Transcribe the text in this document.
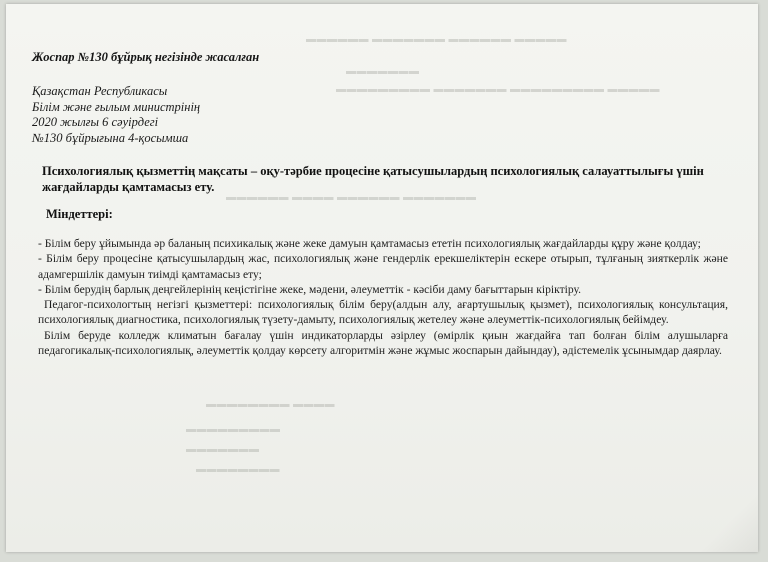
▬▬▬▬▬▬ ▬▬▬▬▬▬▬ ▬▬▬▬▬▬ ▬▬▬▬▬
▬▬▬▬▬▬▬
▬▬▬▬▬▬▬▬▬ ▬▬▬▬▬▬▬ ▬▬▬▬▬▬▬▬▬ ▬▬▬▬▬
▬▬▬▬▬▬ ▬▬▬▬ ▬▬▬▬▬▬ ▬▬▬▬▬▬▬
▬▬▬▬▬▬▬▬ ▬▬▬▬
▬▬▬▬▬▬▬▬▬
▬▬▬▬▬▬▬
▬▬▬▬▬▬▬▬
Жоспар №130 бұйрық негізінде жасалған
Қазақстан Республикасы
Білім және ғылым министрінің
2020 жылғы 6 сәуірдегі
№130 бұйрығына 4-қосымша
Психологиялық қызметтің мақсаты – оқу-тәрбие процесіне қатысушылардың психологиялық салауаттылығы үшін жағдайларды қамтамасыз ету.
Міндеттері:

- Білім беру ұйымында әр баланың психикалық және жеке дамуын қамтамасыз ететін психологиялық жағдайларды құру және қолдау;

- Білім беру процесіне қатысушылардың жас, психологиялық және гендерлік ерекшеліктерін ескере отырып, тұлғаның зияткерлік және адамгершілік дамуын тиімді қамтамасыз ету;

- Білім берудің барлық деңгейлерінің кеңістігіне жеке, мәдени, әлеуметтік - кәсіби даму бағыттарын кіріктіру.

Педагог-психологтың негізгі қызметтері: психологиялық білім беру(алдын алу, ағартушылық қызмет), психологиялық консультация, психологиялық диагностика, психологиялық түзету-дамыту, психологиялық жетелеу және әлеуметтік-психологиялық бейімдеу.

Білім беруде колледж климатын бағалау үшін индикаторларды әзірлеу (өмірлік қиын жағдайға тап болған білім алушыларға педагогикалық-психологиялық, әлеуметтік қолдау көрсету алгоритмін және жұмыс жоспарын дайындау), әдістемелік ұсынымдар даярлау.
